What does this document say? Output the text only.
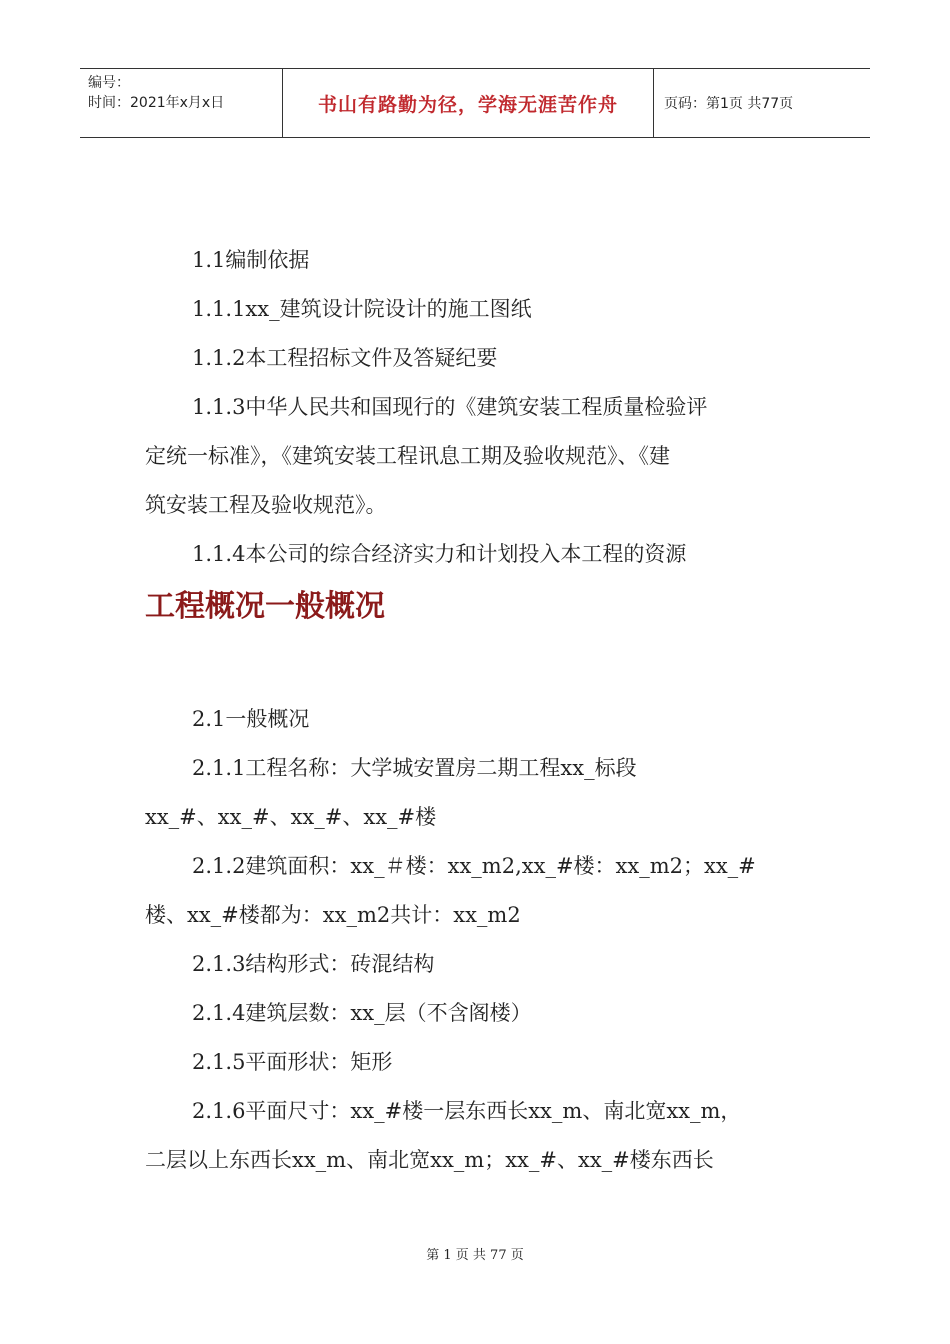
编号：
时间：2021年x月x日	书山有路勤为径，学海无涯苦作舟	页码：第1页 共77页

1.1编制依据

1.1.1xx_建筑设计院设计的施工图纸

1.1.2本工程招标文件及答疑纪要

1.1.3中华人民共和国现行的《建筑安装工程质量检验评

定统一标准》，《建筑安装工程讯息工期及验收规范》、《建

筑安装工程及验收规范》。

1.1.4本公司的综合经济实力和计划投入本工程的资源

工程概况一般概况

2.1一般概况

2.1.1工程名称：大学城安置房二期工程xx_标段

xx_#、xx_#、xx_#、xx_#楼

2.1.2建筑面积：xx_＃楼：xx_m2,xx_#楼：xx_m2；xx_#

楼、xx_#楼都为：xx_m2共计：xx_m2

2.1.3结构形式：砖混结构

2.1.4建筑层数：xx_层（不含阁楼）

2.1.5平面形状：矩形

2.1.6平面尺寸：xx_#楼一层东西长xx_m、南北宽xx_m，

二层以上东西长xx_m、南北宽xx_m；xx_#、xx_#楼东西长

第 1 页 共 77 页
